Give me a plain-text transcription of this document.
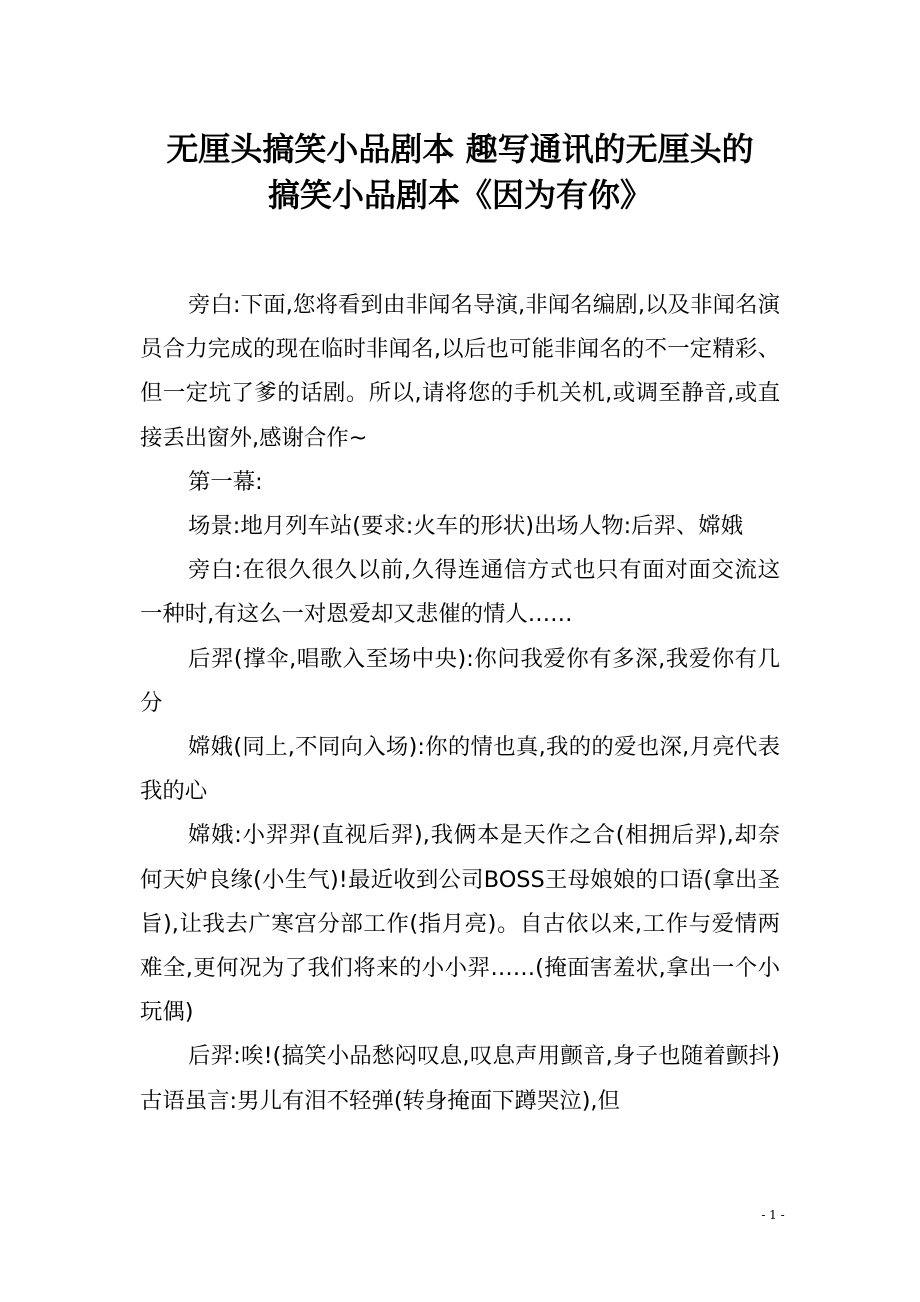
无厘头搞笑小品剧本 趣写通讯的无厘头的
搞笑小品剧本《因为有你》

旁白:下面,您将看到由非闻名导演,非闻名编剧,以及非闻名演员合力完成的现在临时非闻名,以后也可能非闻名的不一定精彩、但一定坑了爹的话剧。所以,请将您的手机关机,或调至静音,或直接丢出窗外,感谢合作~

第一幕:

场景:地月列车站(要求:火车的形状)出场人物:后羿、嫦娥

旁白:在很久很久以前,久得连通信方式也只有面对面交流这一种时,有这么一对恩爱却又悲催的情人……

后羿(撑伞,唱歌入至场中央):你问我爱你有多深,我爱你有几分

嫦娥(同上,不同向入场):你的情也真,我的的爱也深,月亮代表我的心

嫦娥:小羿羿(直视后羿),我俩本是天作之合(相拥后羿),却奈何天妒良缘(小生气)!最近收到公司BOSS王母娘娘的口语(拿出圣旨),让我去广寒宫分部工作(指月亮)。自古依以来,工作与爱情两难全,更何况为了我们将来的小小羿……(掩面害羞状,拿出一个小玩偶)

后羿:唉!(搞笑小品愁闷叹息,叹息声用颤音,身子也随着颤抖)古语虽言:男儿有泪不轻弹(转身掩面下蹲哭泣),但

- 1 -
